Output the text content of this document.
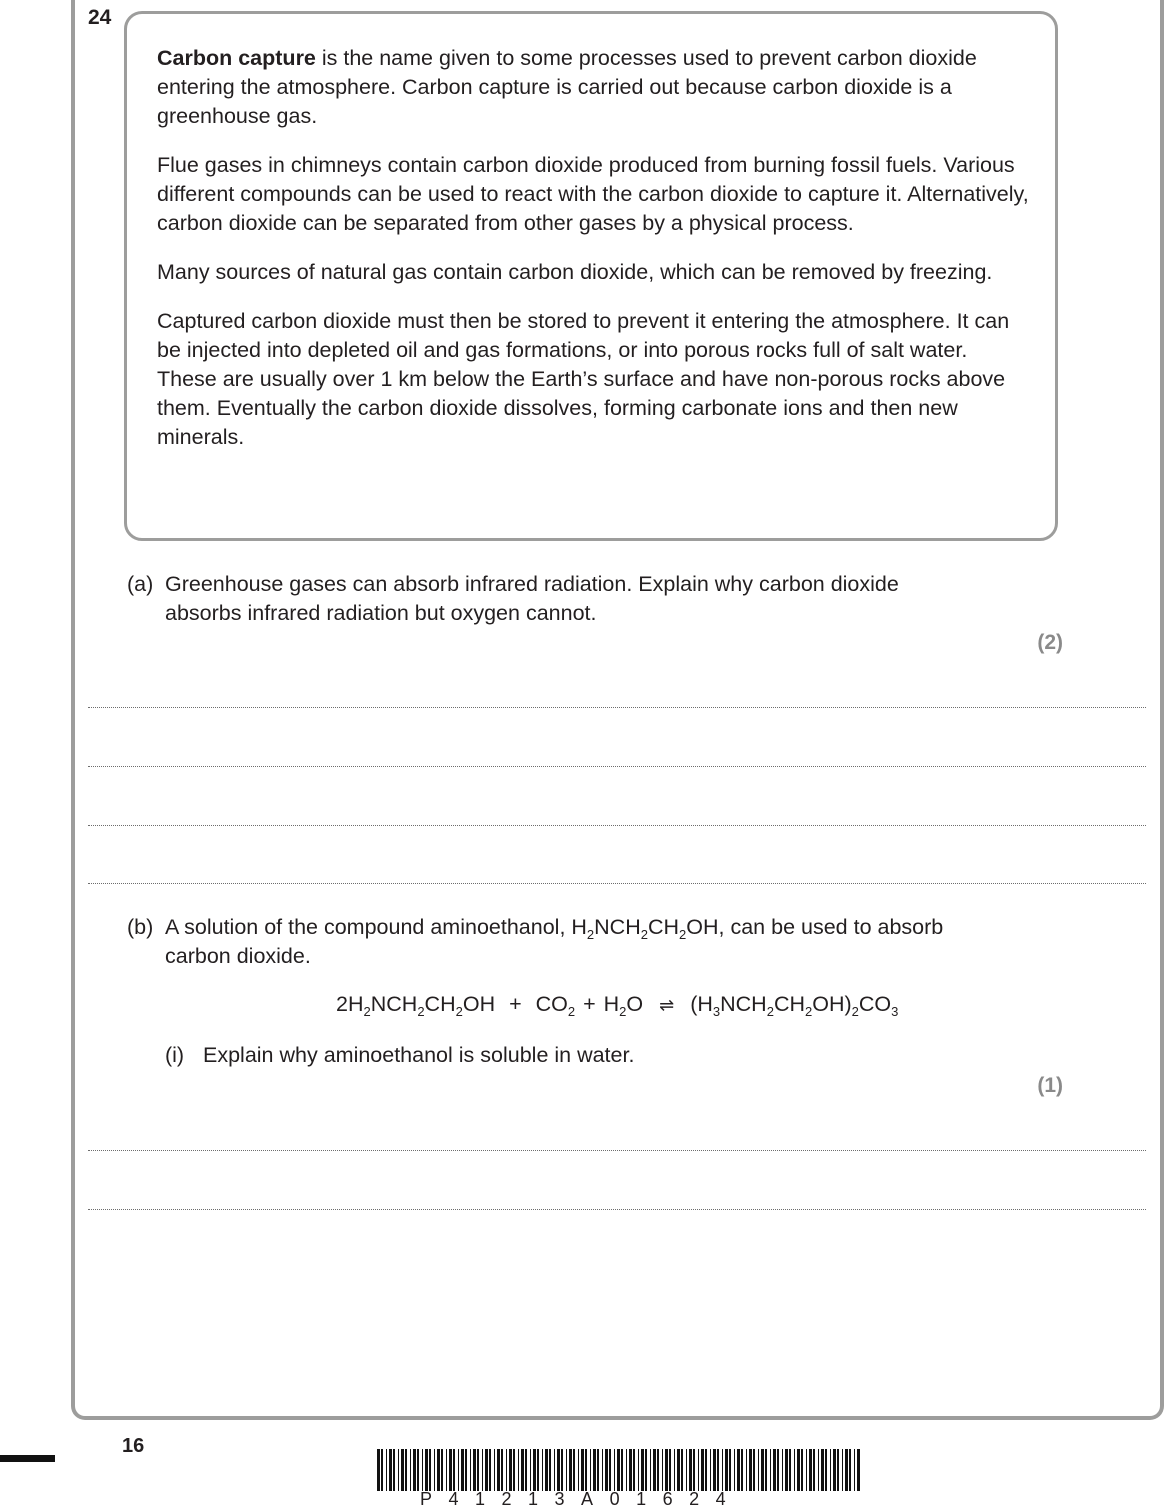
24

Carbon capture is the name given to some processes used to prevent carbon dioxide entering the atmosphere. Carbon capture is carried out because carbon dioxide is a greenhouse gas.

Flue gases in chimneys contain carbon dioxide produced from burning fossil fuels. Various different compounds can be used to react with the carbon dioxide to capture it. Alternatively, carbon dioxide can be separated from other gases by a physical process.

Many sources of natural gas contain carbon dioxide, which can be removed by freezing.

Captured carbon dioxide must then be stored to prevent it entering the atmosphere. It can be injected into depleted oil and gas formations, or into porous rocks full of salt water. These are usually over 1 km below the Earth’s surface and have non-porous rocks above them. Eventually the carbon dioxide dissolves, forming carbonate ions and then new minerals.

(a) Greenhouse gases can absorb infrared radiation. Explain why carbon dioxide
absorbs infrared radiation but oxygen cannot.
(2)
(b) A solution of the compound aminoethanol, $H_2NCH_2CH_2OH$, can be used to absorb
carbon dioxide.
$2H_2NCH_2CH_2OH + CO_2 + H_2O$ ⇌ $(H_3NCH_2CH_2OH)_2CO_3$
(i) Explain why aminoethanol is soluble in water.
(1)
16
P41213A01624
